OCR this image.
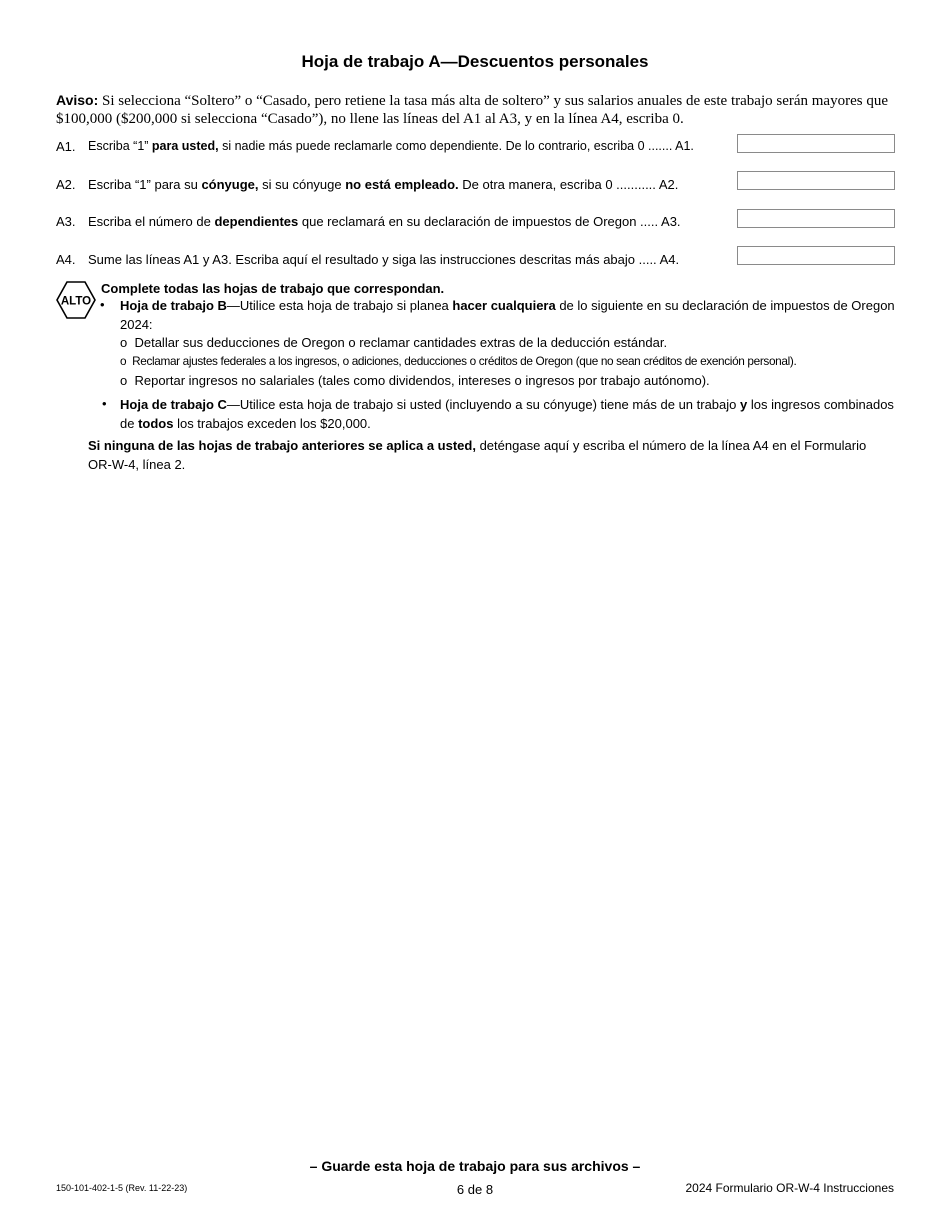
Hoja de trabajo A—Descuentos personales
Aviso: Si selecciona “Soltero” o “Casado, pero retiene la tasa más alta de soltero” y sus salarios anuales de este trabajo serán mayores que $100,000 ($200,000 si selecciona “Casado”), no llene las líneas del A1 al A3, y en la línea A4, escriba 0.
A1. Escriba “1” para usted, si nadie más puede reclamarle como dependiente. De lo contrario, escriba 0 ....... A1.
A2. Escriba “1” para su cónyuge, si su cónyuge no está empleado. De otra manera, escriba 0 ........... A2.
A3. Escriba el número de dependientes que reclamará en su declaración de impuestos de Oregon ..... A3.
A4. Sume las líneas A1 y A3. Escriba aquí el resultado y siga las instrucciones descritas más abajo ..... A4.
ALTO
Complete todas las hojas de trabajo que correspondan.
• Hoja de trabajo B—Utilice esta hoja de trabajo si planea hacer cualquiera de lo siguiente en su declaración de impuestos de Oregon 2024:
o Detallar sus deducciones de Oregon o reclamar cantidades extras de la deducción estándar.
o Reclamar ajustes federales a los ingresos, o adiciones, deducciones o créditos de Oregon (que no sean créditos de exención personal).
o Reportar ingresos no salariales (tales como dividendos, intereses o ingresos por trabajo autónomo).
• Hoja de trabajo C—Utilice esta hoja de trabajo si usted (incluyendo a su cónyuge) tiene más de un trabajo y los ingresos combinados de todos los trabajos exceden los $20,000.
Si ninguna de las hojas de trabajo anteriores se aplica a usted, deténgase aquí y escriba el número de la línea A4 en el Formulario OR-W-4, línea 2.
– Guarde esta hoja de trabajo para sus archivos –
150-101-402-1-5 (Rev. 11-22-23)	6 de 8	2024 Formulario OR-W-4 Instrucciones
